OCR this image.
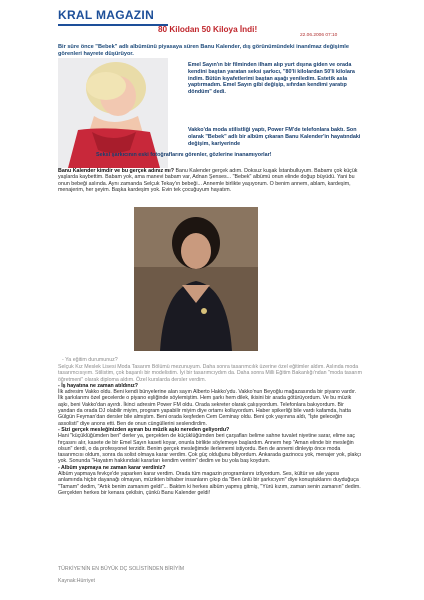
KRAL MAGAZIN
80 Kilodan 50 Kiloya İndi!
22.06.2006 07:10
Bir süre önce "Bebek" adlı albümünü piyasaya süren Banu Kalender, dış görünümündeki inanılmaz değişimle görenleri hayrete düşürüyor.
Emel Sayın'ın bir filminden ilham alıp yurt dışına giden ve orada kendini baştan yaratan seksi şarkıcı, "80'li kilolardan 50'li kilolara indim. Bütün kıyafetlerimi baştan aşağı yeniledim. Estetik asla yaptırmadım. Emel Sayın gibi değişip, sıfırdan kendimi yaratıp döndüm" dedi.
Vakko'da moda stilistliği yaptı, Power FM'de telefonlara baktı. Son olarak "Bebek" adlı bir albüm çıkaran Banu Kalender'in hayatındaki değişim, kariyerinde
Seksi şarkıcının eski fotoğraflarını görenler, gözlerine inanamıyorlar!
Banu Kalender kimdir ve bu gerçek adınız mı? Banu Kalender gerçek adım. Doksuz kuşak İstanbulluyum. Babamı çok küçük yaşlarda kaybettim. Babam yok, ama manevi babam var, Adnan Şenses... "Bebek" albümü onun elinde doğup büyüdü. Yani bu onun bebeği aslında. Aynı zamanda Selçuk Tekay'ın bebeği... Annemle birlikte yaşıyorum. O benim annem, ablam, kardeşim, menajerim, her şeyim. Başka kardeşim yok. Evin tek çocuğuyum hayatım.
- Ya eğitim durumunuz?

Selçuk Kız Meslek Lisesi Moda Tasarım Bölümü mezunuyum. Daha sonra tasarımcılık üzerine özel eğitimler aldım. Aslında moda tasarımcısıyım. Stilistim, çok başarılı bir modelistim. İyi bir tasarımcıydım da. Daha sonra Milli Eğitim Bakanlığı'ndan "moda tasarım öğretmeni" olarak diploma aldım. Özel kurslarda dersler verdim.

- İş hayatına ne zaman atıldınız?

İlk adresim Vakko oldu. Beni kendi bünyelerine alan sayın Alberto Hakko'ydu. Vakko'nun Beyoğlu mağazasında bir piyano vardır. İlk şarkılarımı özel gecelerde o piyano eşliğinde söylemiştim. Hem şarkı hem dilek, ikisini bir arada götürüyordum. Ve bu müzik aşkı, beni Vakko'dan ayırdı. İkinci adresim Power FM oldu. Orada sekreter olarak çalışıyordum. Telefonlara bakıyordum. Bir yandan da orada DJ olabilir miyim, program yapabilir miyim diye ortamı kolluyordum. Haber spikerliği bile vardı kafamda, hatta Gülgün Feyman'dan dersler bile almıştım. Beni orada keşfeden Cem Ceminay oldu. Beni çok yayınına aldı, "İşte geleceğin assolisti" diye anons etti. Ben de onun cüngüllerini seslendirdim.

- Sizi gerçek mesleğinizden ayıran bu müzik aşkı nereden geliyordu?

Hani "küçüklüğümden beri" derler ya, gerçekten de küçüklüğümden beri çarşafları belime sahne tuvalet niyetine sarar, elime saç fırçasını alır, kasete de bir Emel Sayın kaseti koyar, onunla birlikte söylemeye başlardım. Annem hep "Aman elinde bir mesleğin olsun" derdi, o da profesyonel terzidir. Benim gerçek mesleğimde ilerlememi istiyordu. Ben de annemi dinleyip önce moda tasarımcısı oldum, sonra da solist olmaya karar verdim. Çok güç olduğunu biliyordum. Ankarada gazinocu yok, menajer yok, plakçı yok. Sonunda "Hayatım hakkındaki kararları kendim veririm" dedim ve bu yola baş koydum.

- Albüm yapmaya ne zaman karar verdiniz?

Albüm yapmaya fevkçe'de yaparken karar verdim. Orada tüm magazin programlarını izliyordum. Ses, kültür ve aile yapısı anlamında hiçbir dayanağı olmayan, müzikten bihaber insanların çıkıp da "Ben ünlü bir şarkıcıyım" diye konuştuklarını duyduğuça "Tamam" dedim, "Artık benim zamanım geldi"... Baktım ki herkes albüm yapmış gitmiş, "Yürü kızım, zaman senin zamanın" dedim. Gerçekten herkes bir kenara çekilsin, çünkü Banu Kalender geldi!

TÜRKİYE'NİN EN BÜYÜK DÇ SOLİSTİNDEN BİRİYİM
Kaynak:Hürriyet
